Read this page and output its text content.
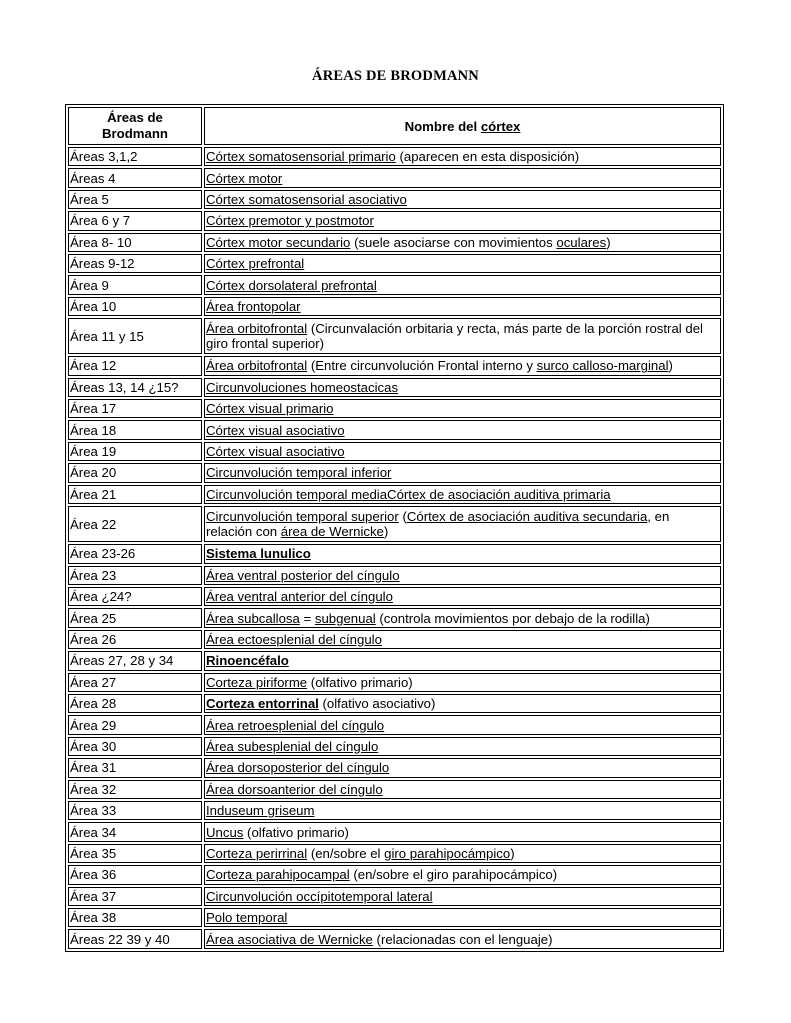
ÁREAS DE BRODMANN
Áreas de
Brodmann	Nombre del córtex
Áreas 3,1,2	Córtex somatosensorial primario (aparecen en esta disposición)
Áreas 4	Córtex motor
Área 5	Córtex somatosensorial asociativo
Área 6 y 7	Córtex premotor y postmotor
Área 8- 10	Córtex motor secundario (suele asociarse con movimientos oculares)
Áreas 9-12	Córtex prefrontal
Área 9	Córtex dorsolateral prefrontal
Área 10	Área frontopolar
Área 11 y 15	Área orbitofrontal (Circunvalación orbitaria y recta, más parte de la porción rostral del giro frontal superior)
Área 12	Área orbitofrontal (Entre circunvolución Frontal interno y surco calloso-marginal)
Áreas 13, 14 ¿15?	Circunvoluciones homeostacicas
Área 17	Córtex visual primario
Área 18	Córtex visual asociativo
Área 19	Córtex visual asociativo
Área 20	Circunvolución temporal inferior
Área 21	Circunvolución temporal mediaCórtex de asociación auditiva primaria
Área 22	Circunvolución temporal superior (Córtex de asociación auditiva secundaria, en relación con área de Wernicke)
Área 23-26	Sistema lunulico
Área 23	Área ventral posterior del cíngulo
Área ¿24?	Área ventral anterior del cíngulo
Área 25	Área subcallosa = subgenual (controla movimientos por debajo de la rodilla)
Área 26	Área ectoesplenial del cíngulo
Áreas 27, 28 y 34	Rinoencéfalo
Área 27	Corteza piriforme (olfativo primario)
Área 28	Corteza entorrinal (olfativo asociativo)
Área 29	Área retroesplenial del cíngulo
Área 30	Área subesplenial del cíngulo
Área 31	Área dorsoposterior del cíngulo
Área 32	Área dorsoanterior del cíngulo
Área 33	Induseum griseum
Área 34	Uncus (olfativo primario)
Área 35	Corteza perirrinal (en/sobre el giro parahipocámpico)
Área 36	Corteza parahipocampal (en/sobre el giro parahipocámpico)
Área 37	Circunvolución occípitotemporal lateral
Área 38	Polo temporal
Áreas 22 39 y 40	Área asociativa de Wernicke (relacionadas con el lenguaje)
